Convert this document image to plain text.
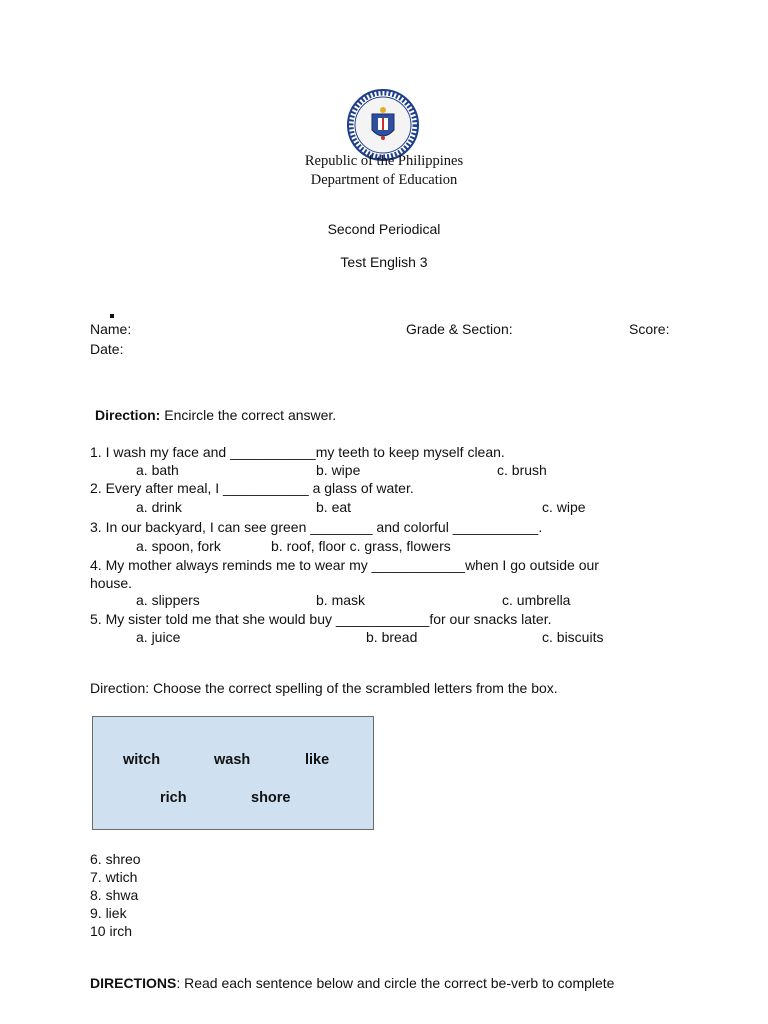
Republic of the Philippines
Department of Education
Second Periodical
Test English 3
Name:	Grade & Section:	Score:
Date:
Direction: Encircle the correct answer.
1. I wash my face and ___________my teeth to keep myself clean.
a. bath	b. wipe	c. brush
2. Every after meal, I ___________ a glass of water.
a. drink	b. eat	c. wipe
3. In our backyard, I can see green ________ and colorful ___________.
a. spoon, fork	b. roof, floor c. grass, flowers
4. My mother always reminds me to wear my ____________when I go outside our
house.
a. slippers	b. mask	c. umbrella
5. My sister told me that she would buy ____________for our snacks later.
a. juice	b. bread	c. biscuits
Direction: Choose the correct spelling of the scrambled letters from the box.
witch	wash	like
rich	shore
6. shreo
7. wtich
8. shwa
9. liek
10 irch
DIRECTIONS: Read each sentence below and circle the correct be-verb to complete
